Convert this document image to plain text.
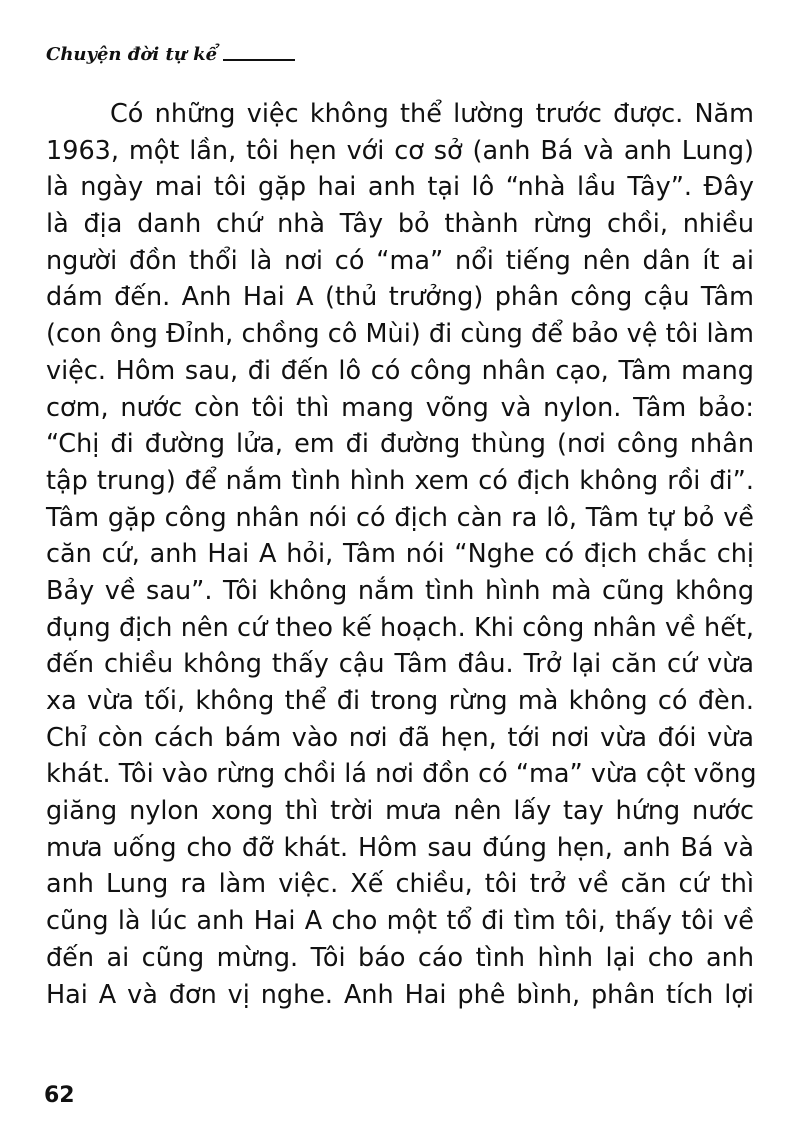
Chuyện đời tự kể
Có những việc không thể lường trước được. Năm
1963, một lần, tôi hẹn với cơ sở (anh Bá và anh Lung)
là ngày mai tôi gặp hai anh tại lô “nhà lầu Tây”. Đây
là địa danh chứ nhà Tây bỏ thành rừng chồi, nhiều
người đồn thổi là nơi có “ma” nổi tiếng nên dân ít ai
dám đến. Anh Hai A (thủ trưởng) phân công cậu Tâm
(con ông Đỉnh, chồng cô Mùi) đi cùng để bảo vệ tôi làm
việc. Hôm sau, đi đến lô có công nhân cạo, Tâm mang
cơm, nước còn tôi thì mang võng và nylon. Tâm bảo:
“Chị đi đường lửa, em đi đường thùng (nơi công nhân
tập trung) để nắm tình hình xem có địch không rồi đi”.
Tâm gặp công nhân nói có địch càn ra lô, Tâm tự bỏ về
căn cứ, anh Hai A hỏi, Tâm nói “Nghe có địch chắc chị
Bảy về sau”. Tôi không nắm tình hình mà cũng không
đụng địch nên cứ theo kế hoạch. Khi công nhân về hết,
đến chiều không thấy cậu Tâm đâu. Trở lại căn cứ vừa
xa vừa tối, không thể đi trong rừng mà không có đèn.
Chỉ còn cách bám vào nơi đã hẹn, tới nơi vừa đói vừa
khát. Tôi vào rừng chồi lá nơi đồn có “ma” vừa cột võng
giăng nylon xong thì trời mưa nên lấy tay hứng nước
mưa uống cho đỡ khát. Hôm sau đúng hẹn, anh Bá và
anh Lung ra làm việc. Xế chiều, tôi trở về căn cứ thì
cũng là lúc anh Hai A cho một tổ đi tìm tôi, thấy tôi về
đến ai cũng mừng. Tôi báo cáo tình hình lại cho anh
Hai A và đơn vị nghe. Anh Hai phê bình, phân tích lợi
62
